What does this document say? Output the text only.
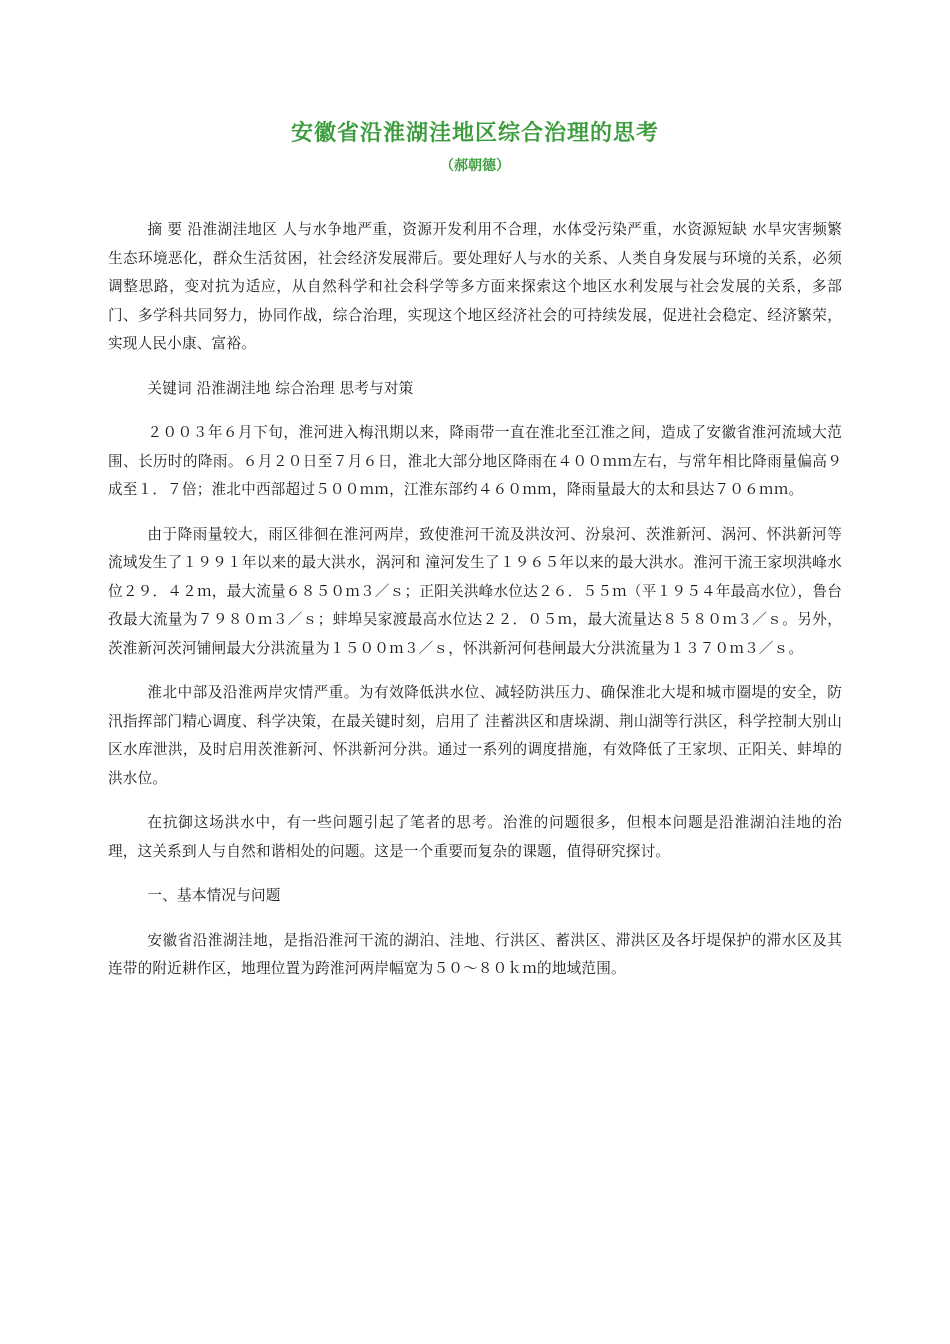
安徽省沿淮湖洼地区综合治理的思考
（郝朝德）

摘 要 沿淮湖洼地区 人与水争地严重，资源开发利用不合理，水体受污染严重，水资源短缺 水旱灾害频繁 生态环境恶化，群众生活贫困，社会经济发展滞后。要处理好人与水的关系、人类自身发展与环境的关系，必须调整思路，变对抗为适应，从自然科学和社会科学等多方面来探索这个地区水利发展与社会发展的关系，多部门、多学科共同努力，协同作战，综合治理，实现这个地区经济社会的可持续发展，促进社会稳定、经济繁荣，实现人民小康、富裕。

关键词 沿淮湖洼地 综合治理 思考与对策

２００３年６月下旬，淮河进入梅汛期以来，降雨带一直在淮北至江淮之间，造成了安徽省淮河流域大范围、长历时的降雨。６月２０日至７月６日，淮北大部分地区降雨在４００ｍｍ左右，与常年相比降雨量偏高９成至１．７倍；淮北中西部超过５００ｍｍ，江淮东部约４６０ｍｍ，降雨量最大的太和县达７０６ｍｍ。

由于降雨量较大，雨区徘徊在淮河两岸，致使淮河干流及洪汝河、汾泉河、茨淮新河、涡河、怀洪新河等流域发生了１９９１年以来的最大洪水，涡河和 潼河发生了１９６５年以来的最大洪水。淮河干流王家坝洪峰水位２９．４２ｍ，最大流量６８５０ｍ３／ｓ；正阳关洪峰水位达２６．５５ｍ（平１９５４年最高水位），鲁台孜最大流量为７９８０ｍ３／ｓ；蚌埠吴家渡最高水位达２２．０５ｍ，最大流量达８５８０ｍ３／ｓ。另外，茨淮新河茨河铺闸最大分洪流量为１５００ｍ３／ｓ，怀洪新河何巷闸最大分洪流量为１３７０ｍ３／ｓ。

淮北中部及沿淮两岸灾情严重。为有效降低洪水位、减轻防洪压力、确保淮北大堤和城市圈堤的安全，防汛指挥部门精心调度、科学决策，在最关键时刻，启用了 洼蓄洪区和唐垛湖、荆山湖等行洪区，科学控制大别山区水库泄洪，及时启用茨淮新河、怀洪新河分洪。通过一系列的调度措施，有效降低了王家坝、正阳关、蚌埠的洪水位。

在抗御这场洪水中，有一些问题引起了笔者的思考。治淮的问题很多，但根本问题是沿淮湖泊洼地的治理，这关系到人与自然和谐相处的问题。这是一个重要而复杂的课题，值得研究探讨。

一、基本情况与问题

安徽省沿淮湖洼地，是指沿淮河干流的湖泊、洼地、行洪区、蓄洪区、滞洪区及各圩堤保护的滞水区及其连带的附近耕作区，地理位置为跨淮河两岸幅宽为５０～８０ｋｍ的地域范围。
